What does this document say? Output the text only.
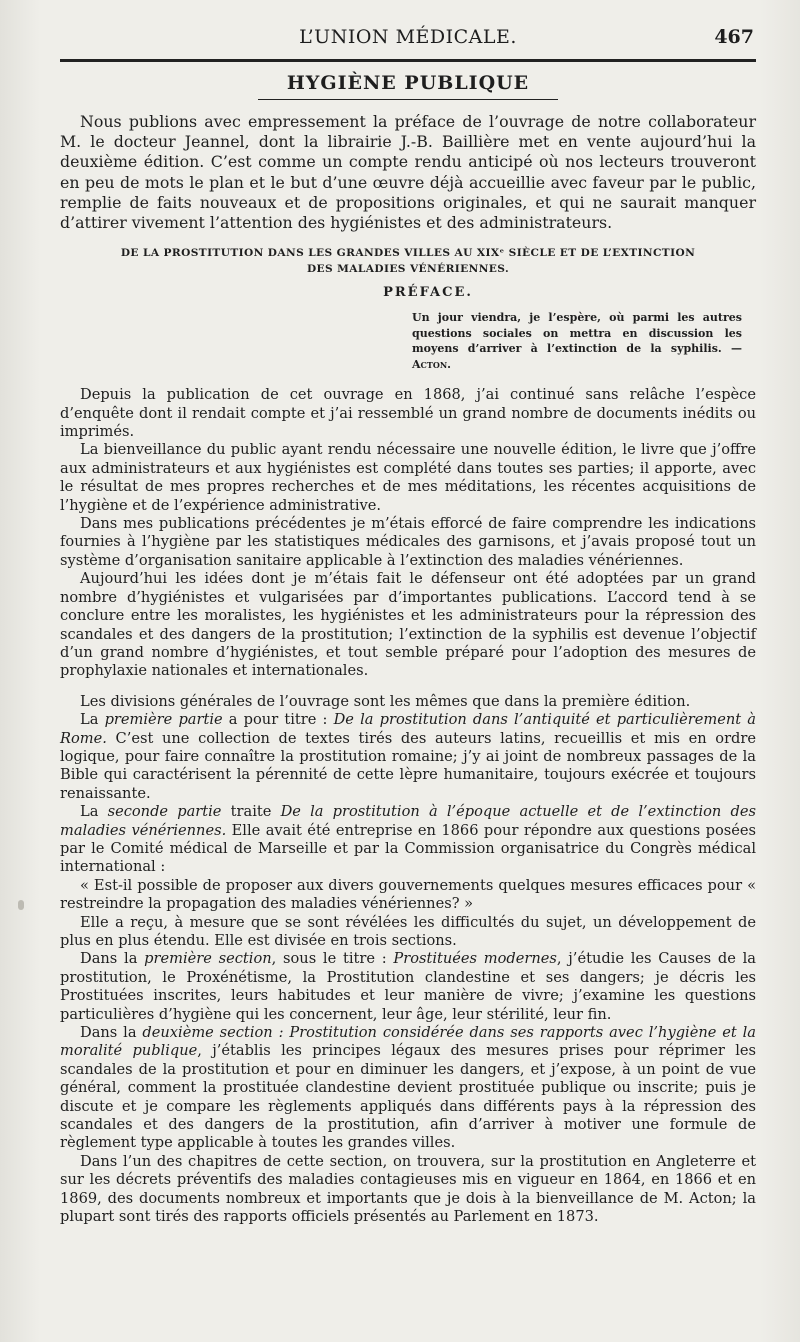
L’UNION MÉDICALE.	467
HYGIÈNE PUBLIQUE

Nous publions avec empressement la préface de l’ouvrage de notre collaborateur M. le docteur Jeannel, dont la librairie J.-B. Baillière met en vente aujourd’hui la deuxième édition. C’est comme un compte rendu anticipé où nos lecteurs trouveront en peu de mots le plan et le but d’une œuvre déjà accueillie avec faveur par le public, remplie de faits nouveaux et de propositions originales, et qui ne saurait manquer d’attirer vivement l’attention des hygiénistes et des administrateurs.

DE LA PROSTITUTION DANS LES GRANDES VILLES AU XIXᵉ SIÈCLE ET DE L’EXTINCTION
DES MALADIES VÉNÉRIENNES.
PRÉFACE.
Un jour viendra, je l’espère, où parmi les autres questions sociales on mettra en discussion les moyens d’arriver à l’extinction de la syphilis. — Acton.

Depuis la publication de cet ouvrage en 1868, j’ai continué sans relâche l’espèce d’enquête dont il rendait compte et j’ai ressemblé un grand nombre de documents inédits ou imprimés.

La bienveillance du public ayant rendu nécessaire une nouvelle édition, le livre que j’offre aux administrateurs et aux hygiénistes est complété dans toutes ses parties; il apporte, avec le résultat de mes propres recherches et de mes méditations, les récentes acquisitions de l’hygiène et de l’expérience administrative.

Dans mes publications précédentes je m’étais efforcé de faire comprendre les indications fournies à l’hygiène par les statistiques médicales des garnisons, et j’avais proposé tout un système d’organisation sanitaire applicable à l’extinction des maladies vénériennes.

Aujourd’hui les idées dont je m’étais fait le défenseur ont été adoptées par un grand nombre d’hygiénistes et vulgarisées par d’importantes publications. L’accord tend à se conclure entre les moralistes, les hygiénistes et les administrateurs pour la répression des scandales et des dangers de la prostitution; l’extinction de la syphilis est devenue l’objectif d’un grand nombre d’hygiénistes, et tout semble préparé pour l’adoption des mesures de prophylaxie nationales et internationales.

Les divisions générales de l’ouvrage sont les mêmes que dans la première édition.

La première partie a pour titre : De la prostitution dans l’antiquité et particulièrement à Rome. C’est une collection de textes tirés des auteurs latins, recueillis et mis en ordre logique, pour faire connaître la prostitution romaine; j’y ai joint de nombreux passages de la Bible qui caractérisent la pérennité de cette lèpre humanitaire, toujours exécrée et toujours renaissante.

La seconde partie traite De la prostitution à l’époque actuelle et de l’extinction des maladies vénériennes. Elle avait été entreprise en 1866 pour répondre aux questions posées par le Comité médical de Marseille et par la Commission organisatrice du Congrès médical international :

« Est-il possible de proposer aux divers gouvernements quelques mesures efficaces pour « restreindre la propagation des maladies vénériennes? »

Elle a reçu, à mesure que se sont révélées les difficultés du sujet, un développement de plus en plus étendu. Elle est divisée en trois sections.

Dans la première section, sous le titre : Prostituées modernes, j’étudie les Causes de la prostitution, le Proxénétisme, la Prostitution clandestine et ses dangers; je décris les Prostituées inscrites, leurs habitudes et leur manière de vivre; j’examine les questions particulières d’hygiène qui les concernent, leur âge, leur stérilité, leur fin.

Dans la deuxième section : Prostitution considérée dans ses rapports avec l’hygiène et la moralité publique, j’établis les principes légaux des mesures prises pour réprimer les scandales de la prostitution et pour en diminuer les dangers, et j’expose, à un point de vue général, comment la prostituée clandestine devient prostituée publique ou inscrite; puis je discute et je compare les règlements appliqués dans différents pays à la répression des scandales et des dangers de la prostitution, afin d’arriver à motiver une formule de règlement type applicable à toutes les grandes villes.

Dans l’un des chapitres de cette section, on trouvera, sur la prostitution en Angleterre et sur les décrets préventifs des maladies contagieuses mis en vigueur en 1864, en 1866 et en 1869, des documents nombreux et importants que je dois à la bienveillance de M. Acton; la plupart sont tirés des rapports officiels présentés au Parlement en 1873.
